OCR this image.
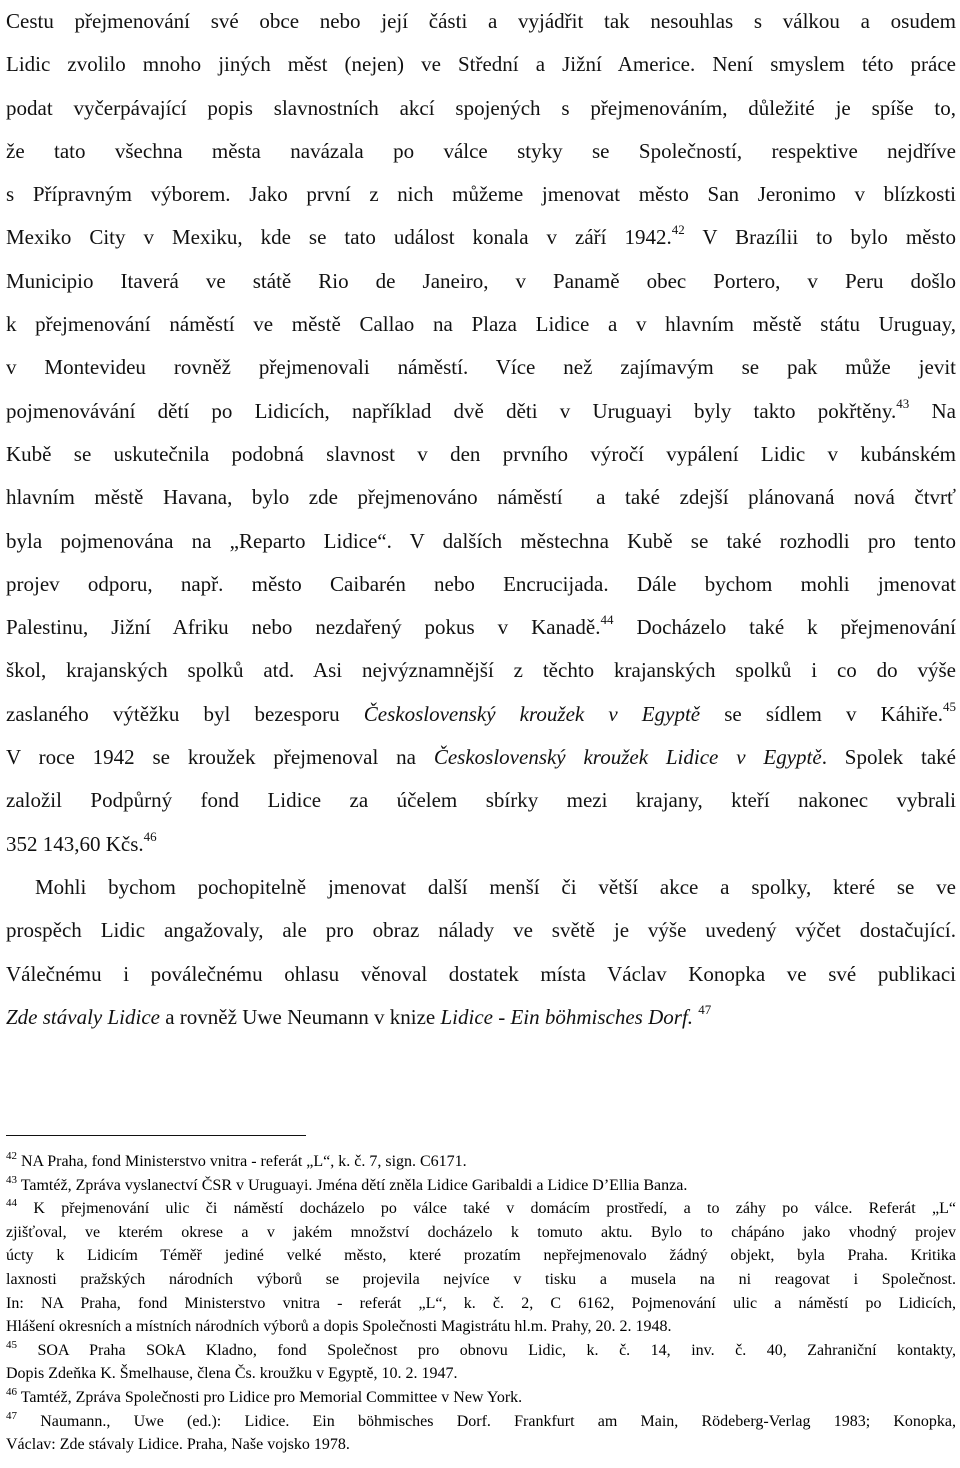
Cestu přejmenování své obce nebo její části a vyjádřit tak nesouhlas s válkou a osudem
Lidic zvolilo mnoho jiných měst (nejen) ve Střední a Jižní Americe. Není smyslem této práce
podat vyčerpávající popis slavnostních akcí spojených s přejmenováním, důležité je spíše to,
že tato všechna města navázala po válce styky se Společností, respektive nejdříve
s Přípravným výborem. Jako první z nich můžeme jmenovat město San Jeronimo v blízkosti
Mexiko City v Mexiku, kde se tato událost konala v září 1942.42 V Brazílii to bylo město
Municipio Itaverá ve státě Rio de Janeiro, v Panamě obec Portero, v Peru došlo
k přejmenování náměstí ve městě Callao na Plaza Lidice a v hlavním městě státu Uruguay,
v Montevideu rovněž přejmenovali náměstí. Více než zajímavým se pak může jevit
pojmenovávání dětí po Lidicích, například dvě děti v Uruguayi byly takto pokřtěny.$^{43}$ Na
Kubě se uskutečnila podobná slavnost v den prvního výročí vypálení Lidic v kubánském
hlavním městě Havana, bylo zde přejmenováno náměstí a také zdejší plánovaná nová čtvrť
byla pojmenována na „Reparto Lidice“. V dalších městechna Kubě se také rozhodli pro tento
projev odporu, např. město Caibarén nebo Encrucijada. Dále bychom mohli jmenovat
Palestinu, Jižní Afriku nebo nezdařený pokus v Kanadě.$^{44}$ Docházelo také k přejmenování
škol, krajanských spolků atd. Asi nejvýznamnější z těchto krajanských spolků i co do výše
zaslaného výtěžku byl bezesporu Československý kroužek v Egyptě se sídlem v Káhiře.$^{45}$
V roce 1942 se kroužek přejmenoval na Československý kroužek Lidice v Egyptě. Spolek také
založil Podpůrný fond Lidice za účelem sbírky mezi krajany, kteří nakonec vybrali
352 143,60 Kčs.$^{46}$

Mohli bychom pochopitelně jmenovat další menší či větší akce a spolky, které se ve
prospěch Lidic angažovaly, ale pro obraz nálady ve světě je výše uvedený výčet dostačující.
Válečnému i poválečnému ohlasu věnoval dostatek místa Václav Konopka ve své publikaci
Zde stávaly Lidice a rovněž Uwe Neumann v knize Lidice - Ein böhmisches Dorf. $^{47}$

$^{42}$ NA Praha, fond Ministerstvo vnitra - referát „L“, k. č. 7, sign. C6171.
$^{43}$ Tamtéž, Zpráva vyslanectví ČSR v Uruguayi. Jména dětí zněla Lidice Garibaldi a Lidice D’Ellia Banza.
$^{44}$ K přejmenování ulic či náměstí docházelo po válce také v domácím prostředí, a to záhy po válce. Referát „L“
zjišťoval, ve kterém okrese a v jakém množství docházelo k tomuto aktu. Bylo to chápáno jako vhodný projev
úcty k Lidicím Téměř jediné velké město, které prozatím nepřejmenovalo žádný objekt, byla Praha. Kritika
laxnosti pražských národních výborů se projevila nejvíce v tisku a musela na ni reagovat i Společnost.
In: NA Praha, fond Ministerstvo vnitra - referát „L“, k. č. 2, C 6162, Pojmenování ulic a náměstí po Lidicích,
Hlášení okresních a místních národních výborů a dopis Společnosti Magistrátu hl.m. Prahy, 20. 2. 1948.
$^{45}$ SOA Praha SOkA Kladno, fond Společnost pro obnovu Lidic, k. č. 14, inv. č. 40, Zahraniční kontakty,
Dopis Zdeňka K. Šmelhause, člena Čs. kroužku v Egyptě, 10. 2. 1947.
$^{46}$ Tamtéž, Zpráva Společnosti pro Lidice pro Memorial Committee v New York.
$^{47}$ Naumann., Uwe (ed.): Lidice. Ein böhmisches Dorf. Frankfurt am Main, Rödeberg-Verlag 1983; Konopka,
Václav: Zde stávaly Lidice. Praha, Naše vojsko 1978.
